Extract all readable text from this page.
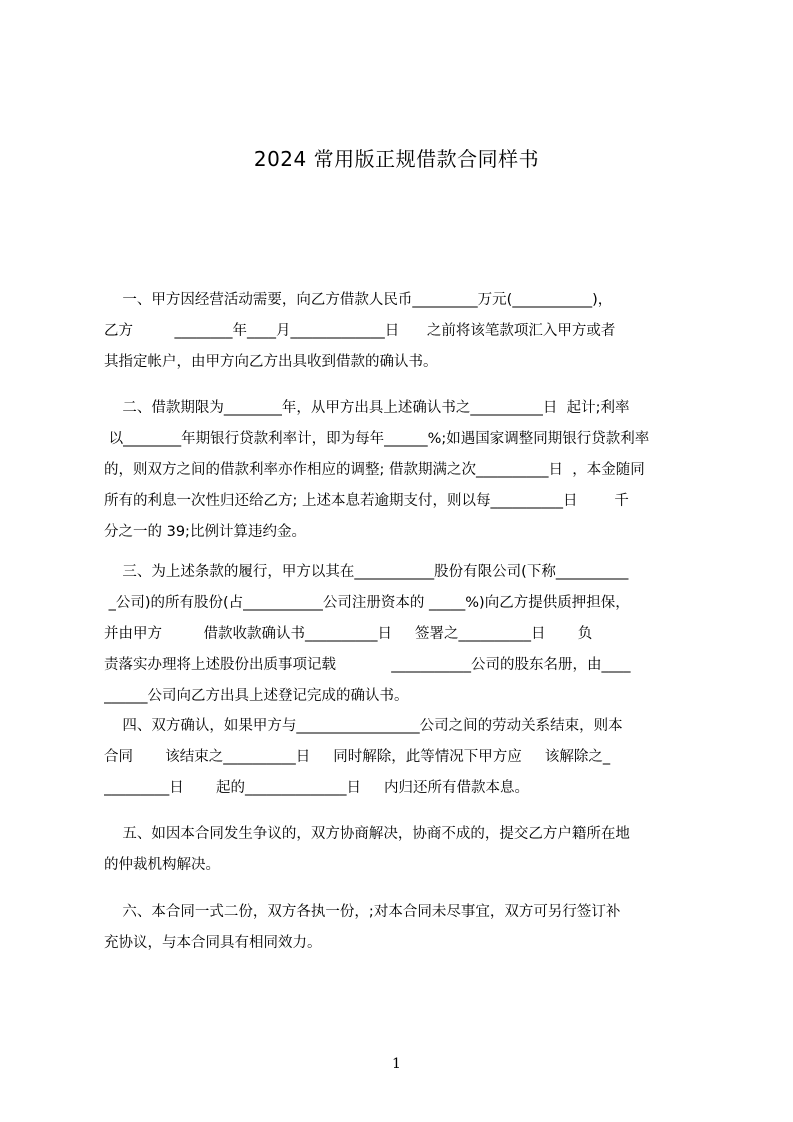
2024 常用版正规借款合同样书
一、甲方因经营活动需要，向乙方借款人民币_________万元(___________)，
乙方         ________年____月_____________日      之前将该笔款项汇入甲方或者
其指定帐户，由甲方向乙方出具收到借款的确认书。
二、借款期限为________年，从甲方出具上述确认书之__________日  起计;利率
以________年期银行贷款利率计，即为每年______%;如遇国家调整同期银行贷款利率
的，则双方之间的借款利率亦作相应的调整; 借款期满之次__________日  ，本金随同
所有的利息一次性归还给乙方; 上述本息若逾期支付，则以每__________日        千
分之一的 39;比例计算违约金。
三、为上述条款的履行，甲方以其在___________股份有限公司(下称__________
_公司)的所有股份(占___________公司注册资本的 _____%)向乙方提供质押担保，
并由甲方         借款收款确认书__________日     签署之__________日       负
责落实办理将上述股份出质事项记载            ___________公司的股东名册，由____
______公司向乙方出具上述登记完成的确认书。
四、双方确认，如果甲方与_________________公司之间的劳动关系结束，则本
合同       该结束之__________日     同时解除，此等情况下甲方应     该解除之_
_________日       起的______________日     内归还所有借款本息。
五、如因本合同发生争议的，双方协商解决，协商不成的，提交乙方户籍所在地
的仲裁机构解决。
六、本合同一式二份，双方各执一份，;对本合同未尽事宜，双方可另行签订补
充协议，与本合同具有相同效力。
1
